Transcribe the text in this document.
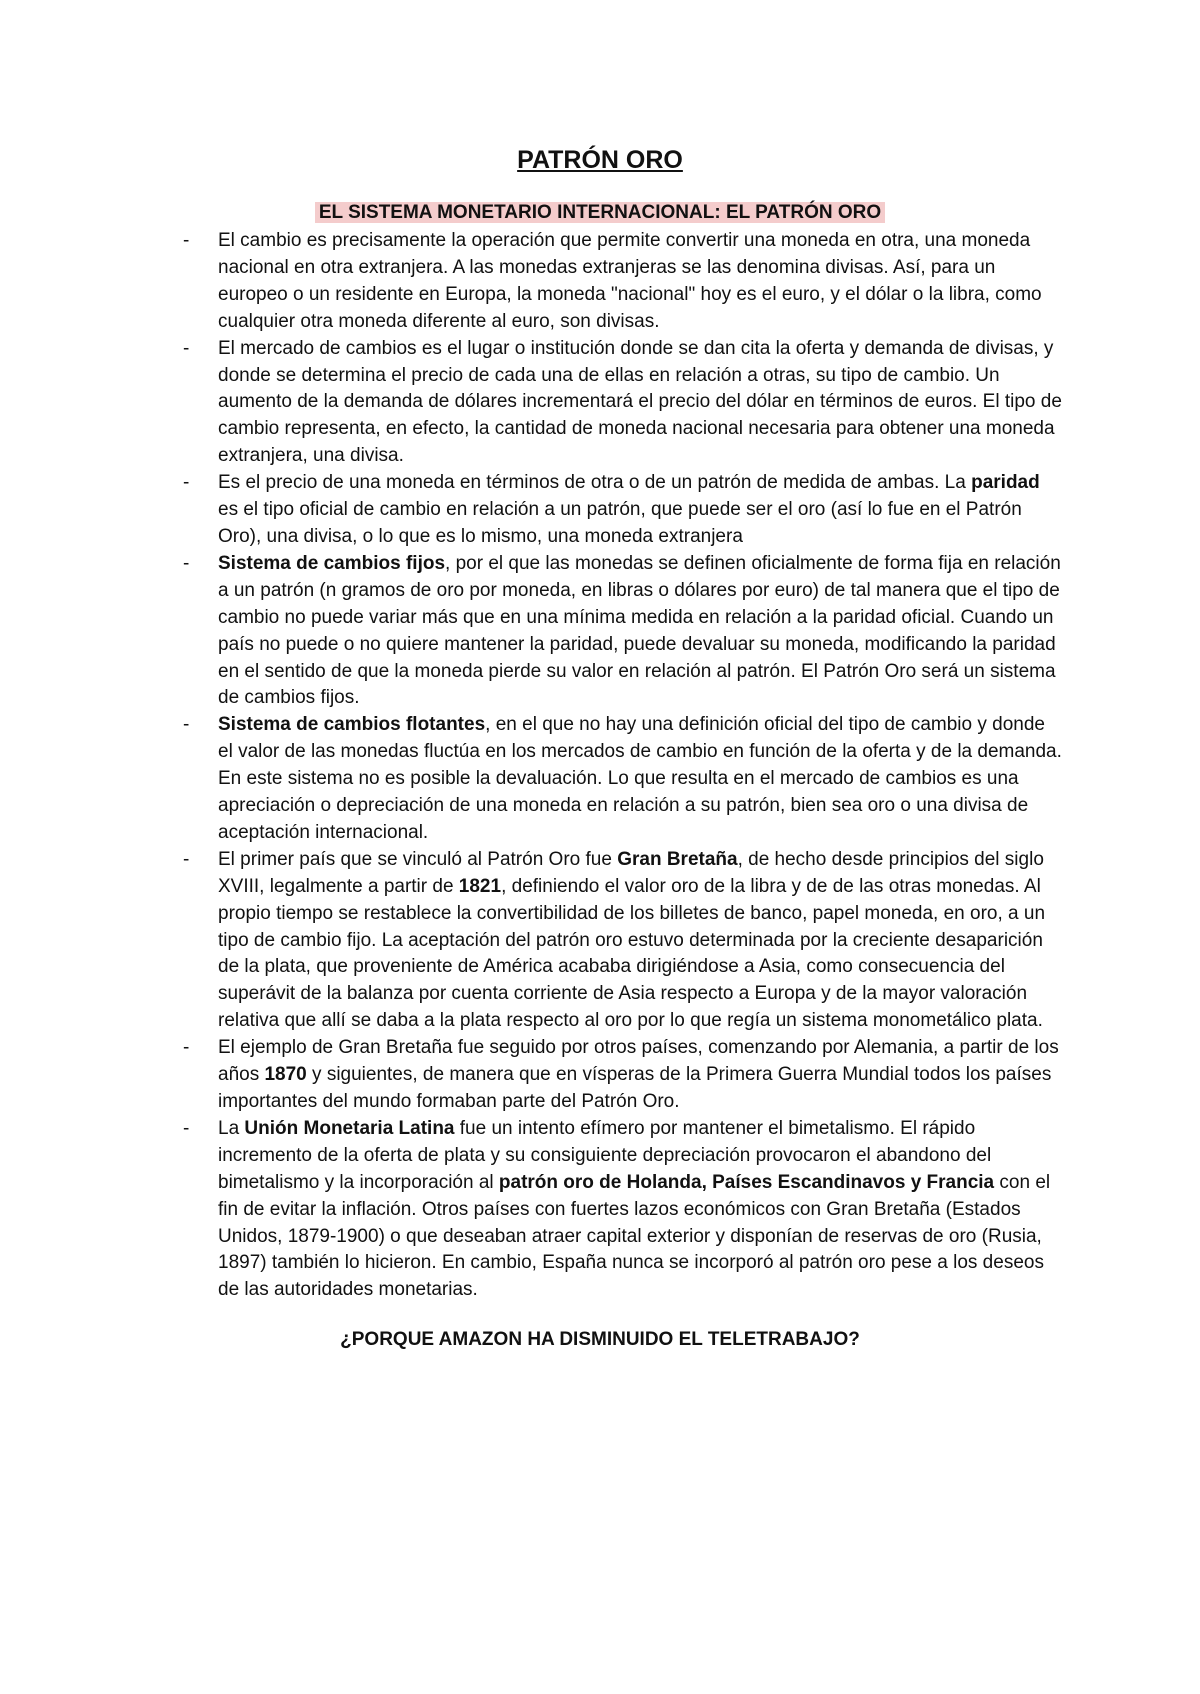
PATRÓN ORO
EL SISTEMA MONETARIO INTERNACIONAL: EL PATRÓN ORO
- El cambio es precisamente la operación que permite convertir una moneda en otra, una moneda nacional en otra extranjera. A las monedas extranjeras se las denomina divisas. Así, para un europeo o un residente en Europa, la moneda "nacional" hoy es el euro, y el dólar o la libra, como cualquier otra moneda diferente al euro, son divisas.
- El mercado de cambios es el lugar o institución donde se dan cita la oferta y demanda de divisas, y donde se determina el precio de cada una de ellas en relación a otras, su tipo de cambio. Un aumento de la demanda de dólares incrementará el precio del dólar en términos de euros. El tipo de cambio representa, en efecto, la cantidad de moneda nacional necesaria para obtener una moneda extranjera, una divisa.
- Es el precio de una moneda en términos de otra o de un patrón de medida de ambas. La paridad es el tipo oficial de cambio en relación a un patrón, que puede ser el oro (así lo fue en el Patrón Oro), una divisa, o lo que es lo mismo, una moneda extranjera
- Sistema de cambios fijos, por el que las monedas se definen oficialmente de forma fija en relación a un patrón (n gramos de oro por moneda, en libras o dólares por euro) de tal manera que el tipo de cambio no puede variar más que en una mínima medida en relación a la paridad oficial. Cuando un país no puede o no quiere mantener la paridad, puede devaluar su moneda, modificando la paridad en el sentido de que la moneda pierde su valor en relación al patrón. El Patrón Oro será un sistema de cambios fijos.
- Sistema de cambios flotantes, en el que no hay una definición oficial del tipo de cambio y donde el valor de las monedas fluctúa en los mercados de cambio en función de la oferta y de la demanda. En este sistema no es posible la devaluación. Lo que resulta en el mercado de cambios es una apreciación o depreciación de una moneda en relación a su patrón, bien sea oro o una divisa de aceptación internacional.
- El primer país que se vinculó al Patrón Oro fue Gran Bretaña, de hecho desde principios del siglo XVIII, legalmente a partir de 1821, definiendo el valor oro de la libra y de de las otras monedas. Al propio tiempo se restablece la convertibilidad de los billetes de banco, papel moneda, en oro, a un tipo de cambio fijo. La aceptación del patrón oro estuvo determinada por la creciente desaparición de la plata, que proveniente de América acababa dirigiéndose a Asia, como consecuencia del superávit de la balanza por cuenta corriente de Asia respecto a Europa y de la mayor valoración relativa que allí se daba a la plata respecto al oro por lo que regía un sistema monometálico plata.
- El ejemplo de Gran Bretaña fue seguido por otros países, comenzando por Alemania, a partir de los años 1870 y siguientes, de manera que en vísperas de la Primera Guerra Mundial todos los países importantes del mundo formaban parte del Patrón Oro.
- La Unión Monetaria Latina fue un intento efímero por mantener el bimetalismo. El rápido incremento de la oferta de plata y su consiguiente depreciación provocaron el abandono del bimetalismo y la incorporación al patrón oro de Holanda, Países Escandinavos y Francia con el fin de evitar la inflación. Otros países con fuertes lazos económicos con Gran Bretaña (Estados Unidos, 1879-1900) o que deseaban atraer capital exterior y disponían de reservas de oro (Rusia, 1897) también lo hicieron. En cambio, España nunca se incorporó al patrón oro pese a los deseos de las autoridades monetarias.
¿PORQUE AMAZON HA DISMINUIDO EL TELETRABAJO?
